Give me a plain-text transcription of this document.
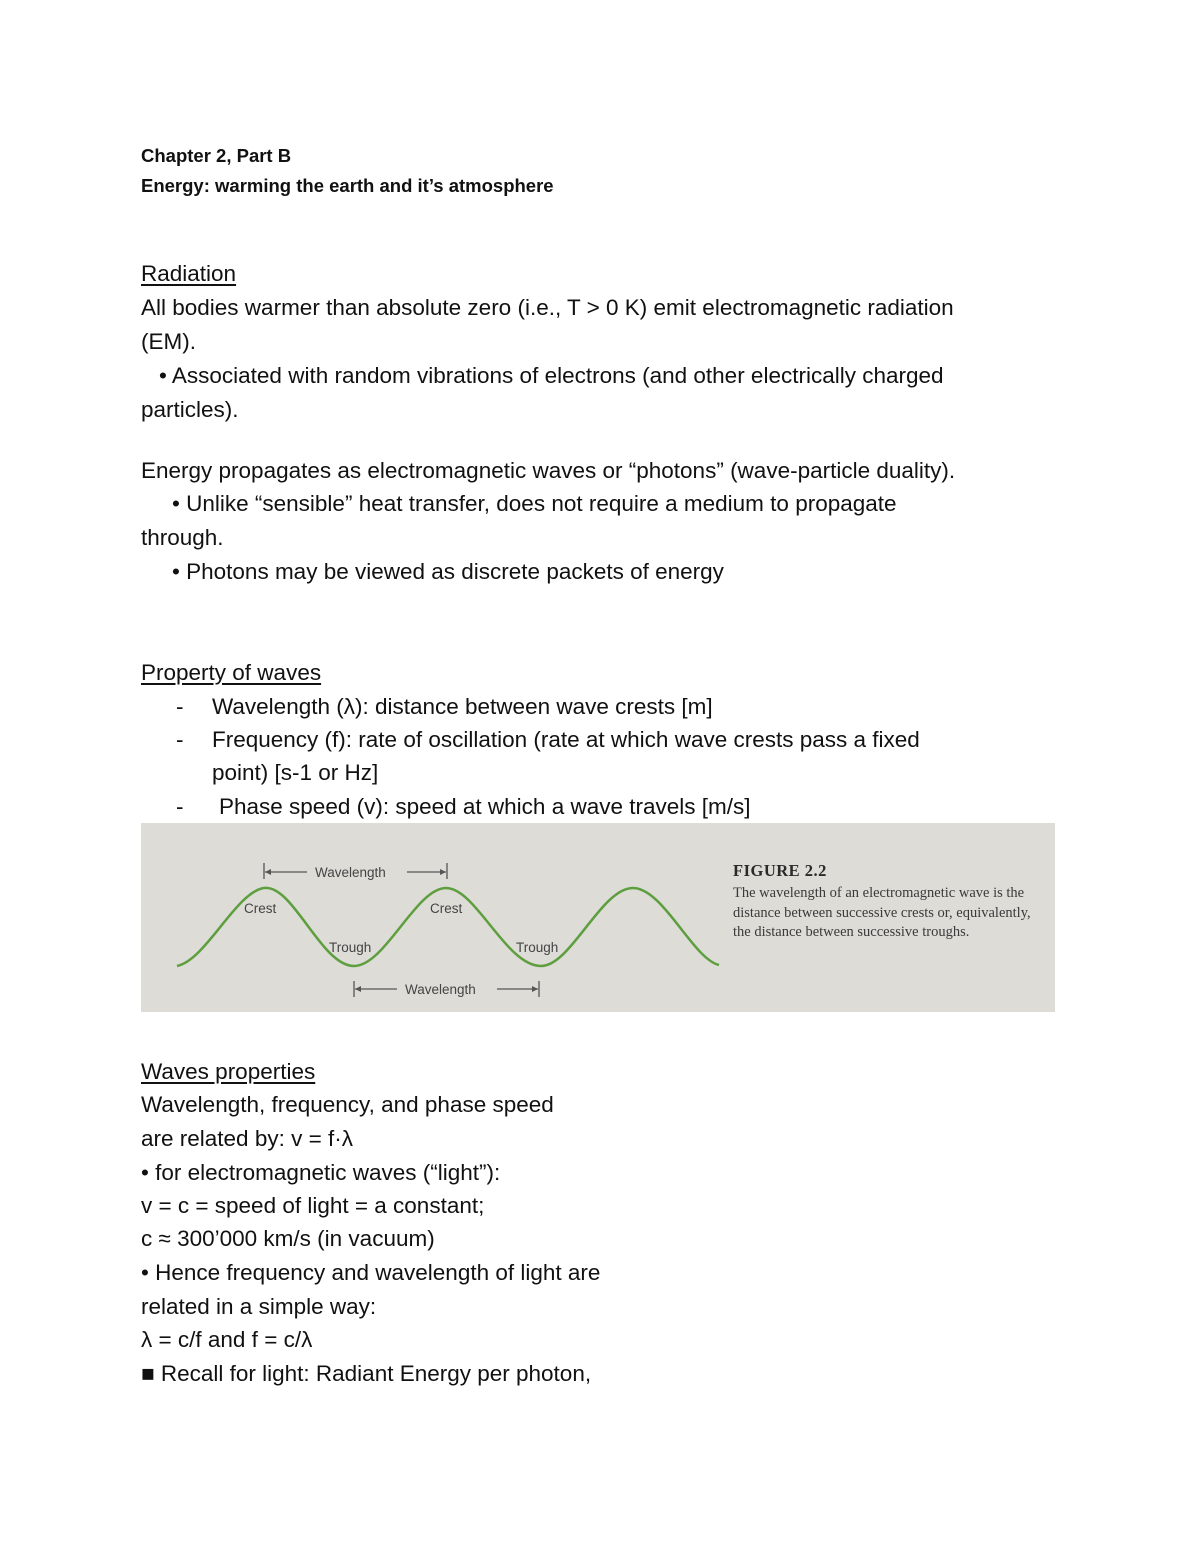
Chapter 2, Part B
Energy: warming the earth and it’s atmosphere
Radiation
All bodies warmer than absolute zero (i.e., T > 0 K) emit electromagnetic radiation
(EM).
• Associated with random vibrations of electrons (and other electrically charged
particles).
Energy propagates as electromagnetic waves or “photons” (wave-particle duality).
• Unlike “sensible” heat transfer, does not require a medium to propagate
through.
• Photons may be viewed as discrete packets of energy
Property of waves
- Wavelength (λ): distance between wave crests [m]
- Frequency (f): rate of oscillation (rate at which wave crests pass a fixed
point) [s-1 or Hz]
- Phase speed (v): speed at which a wave travels [m/s]
Wavelength
Wavelength
Crest	Crest
Trough	Trough
FIGURE 2.2
The wavelength of an electromagnetic wave is the distance between successive crests or, equivalently, the distance between successive troughs.
Waves properties
Wavelength, frequency, and phase speed
are related by: v = f·λ
• for electromagnetic waves (“light”):
v = c = speed of light = a constant;
c ≈ 300’000 km/s (in vacuum)
• Hence frequency and wavelength of light are
related in a simple way:
λ = c/f and f = c/λ
■ Recall for light: Radiant Energy per photon,
